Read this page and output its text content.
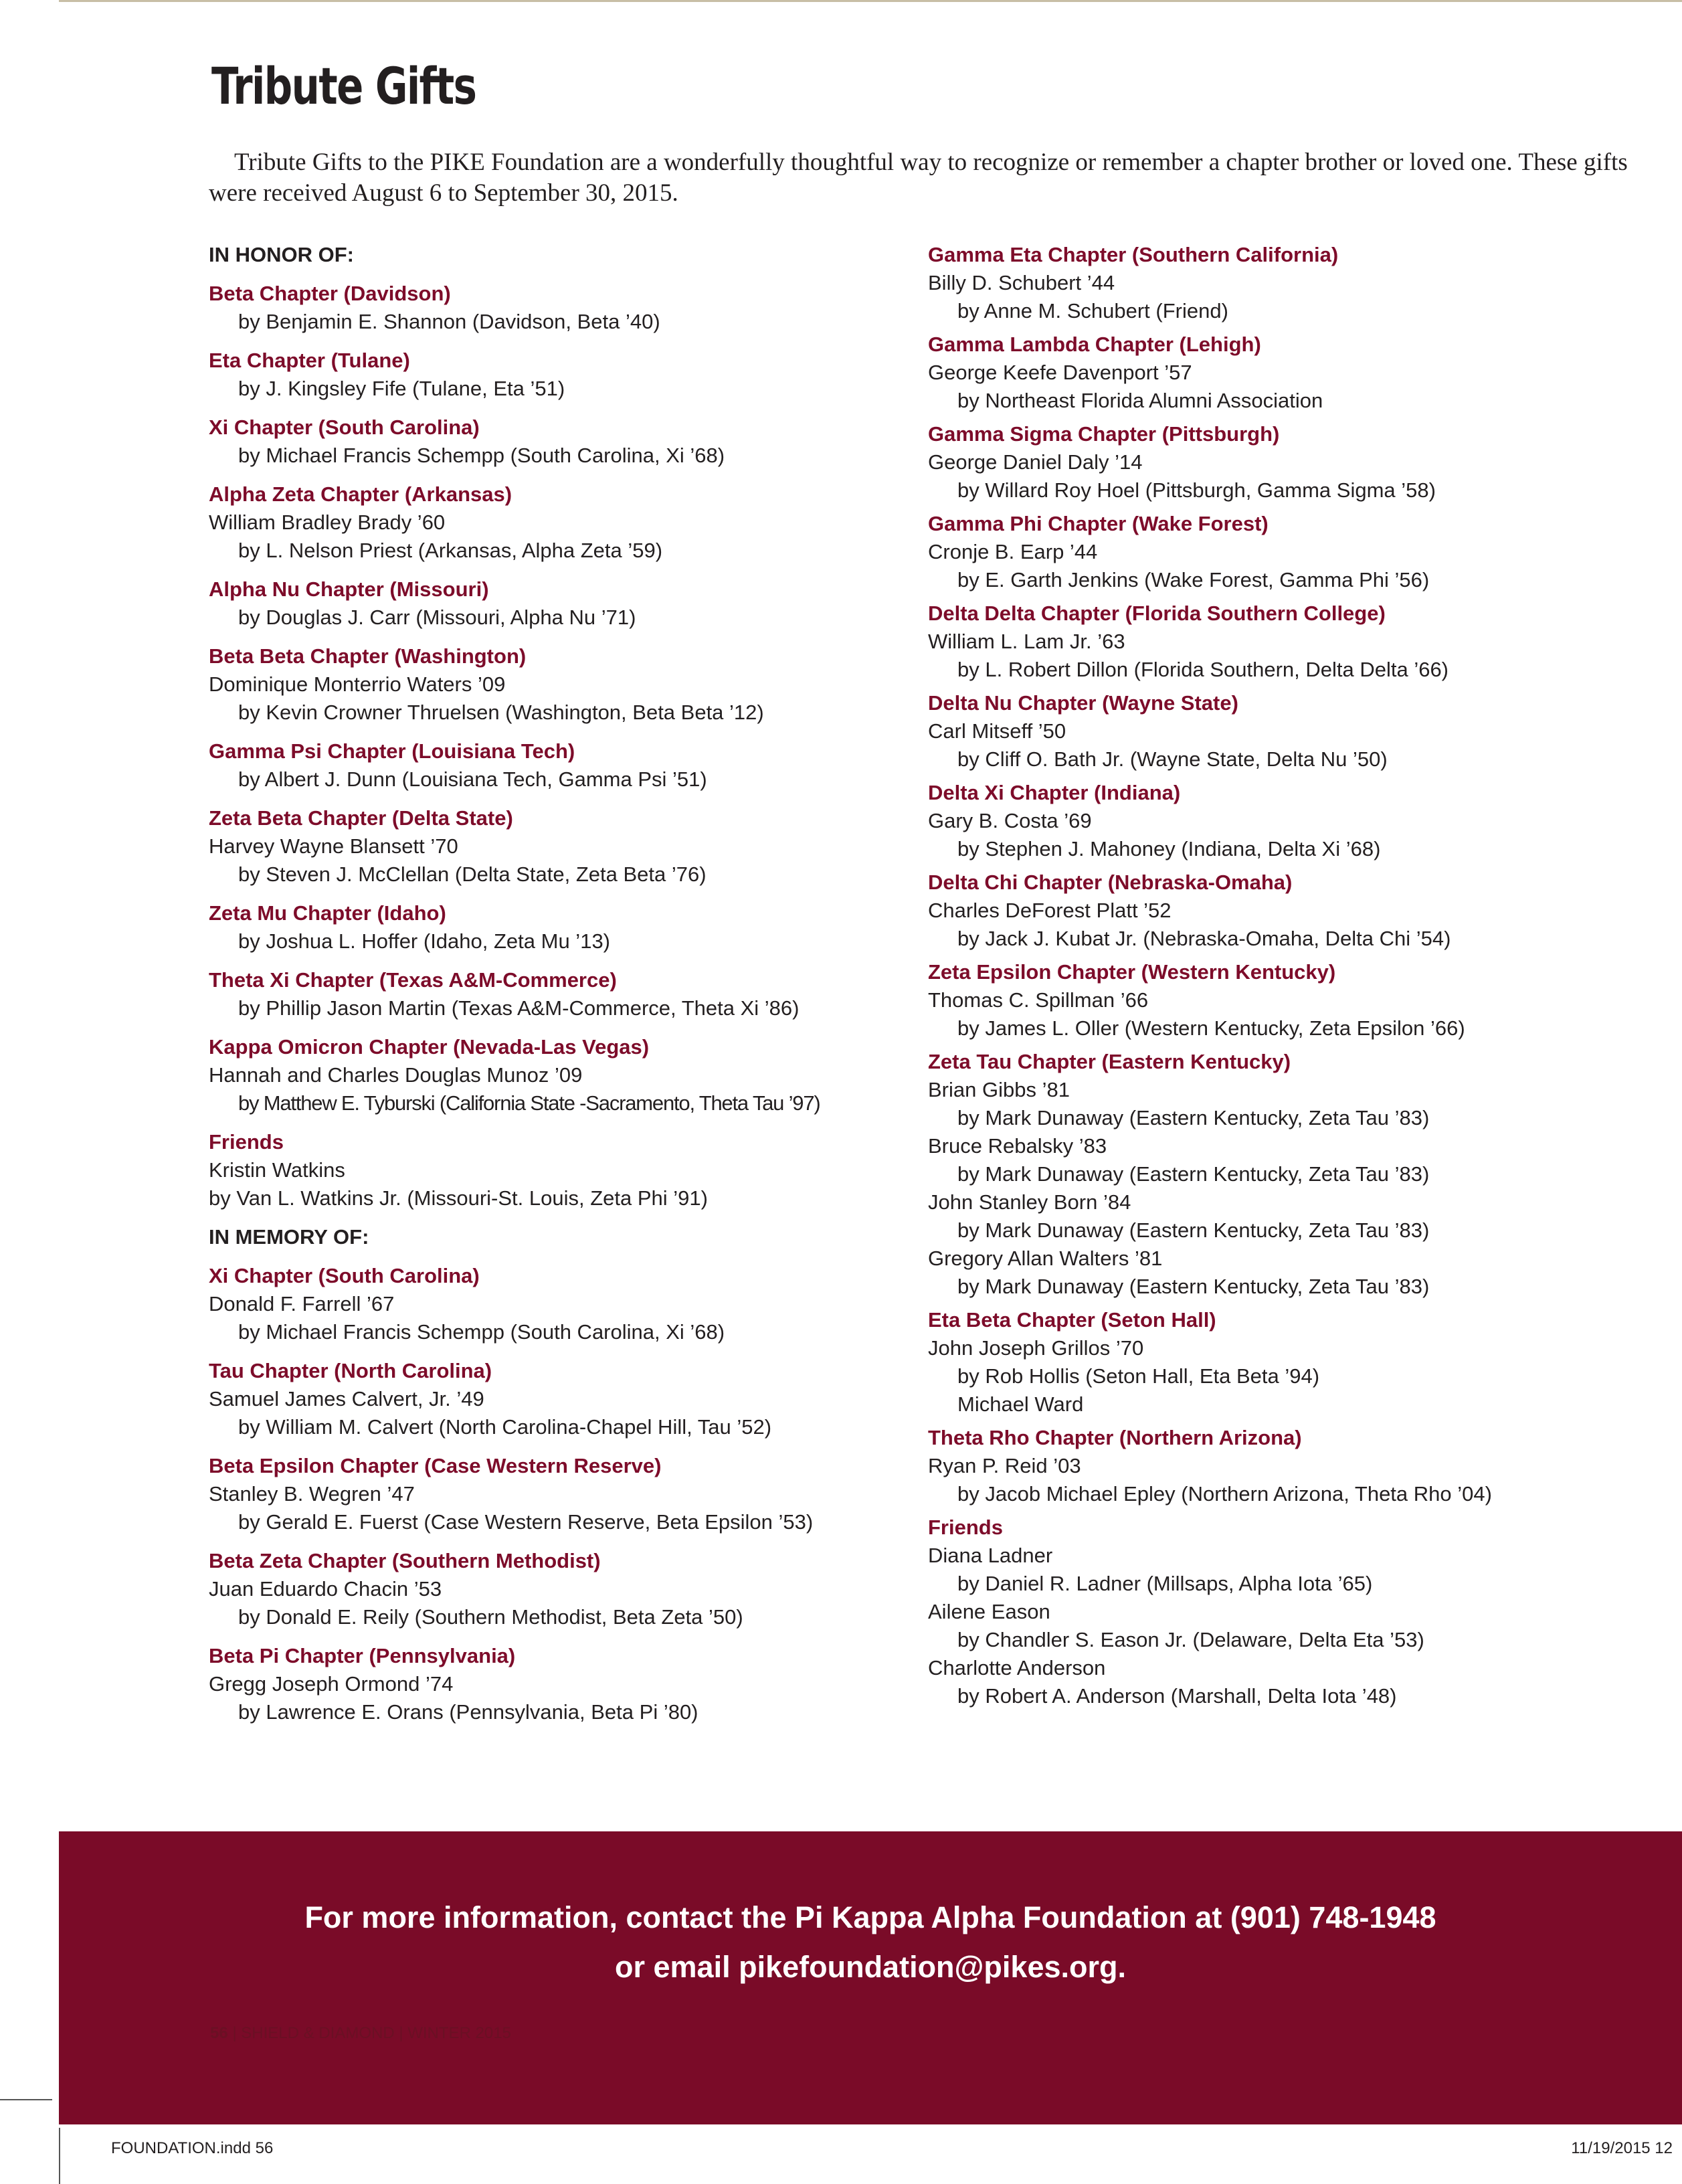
Tribute Gifts

Tribute Gifts to the PIKE Foundation are a wonderfully thoughtful way to recognize or remember a chapter brother or loved one. These gifts were received August 6 to September 30, 2015.

IN HONOR OF:
Beta Chapter (Davidson)
by Benjamin E. Shannon (Davidson, Beta ’40)
Eta Chapter (Tulane)
by J. Kingsley Fife (Tulane, Eta ’51)
Xi Chapter (South Carolina)
by Michael Francis Schempp (South Carolina, Xi ’68)
Alpha Zeta Chapter (Arkansas)
William Bradley Brady ’60
by L. Nelson Priest (Arkansas, Alpha Zeta ’59)
Alpha Nu Chapter (Missouri)
by Douglas J. Carr (Missouri, Alpha Nu ’71)
Beta Beta Chapter (Washington)
Dominique Monterrio Waters ’09
by Kevin Crowner Thruelsen (Washington, Beta Beta ’12)
Gamma Psi Chapter (Louisiana Tech)
by Albert J. Dunn (Louisiana Tech, Gamma Psi ’51)
Zeta Beta Chapter (Delta State)
Harvey Wayne Blansett ’70
by Steven J. McClellan (Delta State, Zeta Beta ’76)
Zeta Mu Chapter (Idaho)
by Joshua L. Hoffer (Idaho, Zeta Mu ’13)
Theta Xi Chapter (Texas A&M-Commerce)
by Phillip Jason Martin (Texas A&M-Commerce, Theta Xi ’86)
Kappa Omicron Chapter (Nevada-Las Vegas)
Hannah and Charles Douglas Munoz ’09
by Matthew E. Tyburski (California State -Sacramento, Theta Tau ’97)
Friends
Kristin Watkins
by Van L. Watkins Jr. (Missouri-St. Louis, Zeta Phi ’91)
IN MEMORY OF:
Xi Chapter (South Carolina)
Donald F. Farrell ’67
by Michael Francis Schempp (South Carolina, Xi ’68)
Tau Chapter (North Carolina)
Samuel James Calvert, Jr. ’49
by William M. Calvert (North Carolina-Chapel Hill, Tau ’52)
Beta Epsilon Chapter (Case Western Reserve)
Stanley B. Wegren ’47
by Gerald E. Fuerst (Case Western Reserve, Beta Epsilon ’53)
Beta Zeta Chapter (Southern Methodist)
Juan Eduardo Chacin ’53
by Donald E. Reily (Southern Methodist, Beta Zeta ’50)
Beta Pi Chapter (Pennsylvania)
Gregg Joseph Ormond ’74
by Lawrence E. Orans (Pennsylvania, Beta Pi ’80)
Gamma Eta Chapter (Southern California)
Billy D. Schubert ’44
by Anne M. Schubert (Friend)
Gamma Lambda Chapter (Lehigh)
George Keefe Davenport ’57
by Northeast Florida Alumni Association
Gamma Sigma Chapter (Pittsburgh)
George Daniel Daly ’14
by Willard Roy Hoel (Pittsburgh, Gamma Sigma ’58)
Gamma Phi Chapter (Wake Forest)
Cronje B. Earp ’44
by E. Garth Jenkins (Wake Forest, Gamma Phi ’56)
Delta Delta Chapter (Florida Southern College)
William L. Lam Jr. ’63
by L. Robert Dillon (Florida Southern, Delta Delta ’66)
Delta Nu Chapter (Wayne State)
Carl Mitseff ’50
by Cliff O. Bath Jr. (Wayne State, Delta Nu ’50)
Delta Xi Chapter (Indiana)
Gary B. Costa ’69
by Stephen J. Mahoney (Indiana, Delta Xi ’68)
Delta Chi Chapter (Nebraska-Omaha)
Charles DeForest Platt ’52
by Jack J. Kubat Jr. (Nebraska-Omaha, Delta Chi ’54)
Zeta Epsilon Chapter (Western Kentucky)
Thomas C. Spillman ’66
by James L. Oller (Western Kentucky, Zeta Epsilon ’66)
Zeta Tau Chapter (Eastern Kentucky)
Brian Gibbs ’81
by Mark Dunaway (Eastern Kentucky, Zeta Tau ’83)
Bruce Rebalsky ’83
by Mark Dunaway (Eastern Kentucky, Zeta Tau ’83)
John Stanley Born ’84
by Mark Dunaway (Eastern Kentucky, Zeta Tau ’83)
Gregory Allan Walters ’81
by Mark Dunaway (Eastern Kentucky, Zeta Tau ’83)
Eta Beta Chapter (Seton Hall)
John Joseph Grillos ’70
by Rob Hollis (Seton Hall, Eta Beta ’94)
Michael Ward
Theta Rho Chapter (Northern Arizona)
Ryan P. Reid ’03
by Jacob Michael Epley (Northern Arizona, Theta Rho ’04)
Friends
Diana Ladner
by Daniel R. Ladner (Millsaps, Alpha Iota ’65)
Ailene Eason
by Chandler S. Eason Jr. (Delaware, Delta Eta ’53)
Charlotte Anderson
by Robert A. Anderson (Marshall, Delta Iota ’48)
For more information, contact the Pi Kappa Alpha Foundation at (901) 748-1948
or email pikefoundation@pikes.org.
56 | SHIELD & DIAMOND | WINTER 2015
FOUNDATION.indd 56	11/19/2015 12
